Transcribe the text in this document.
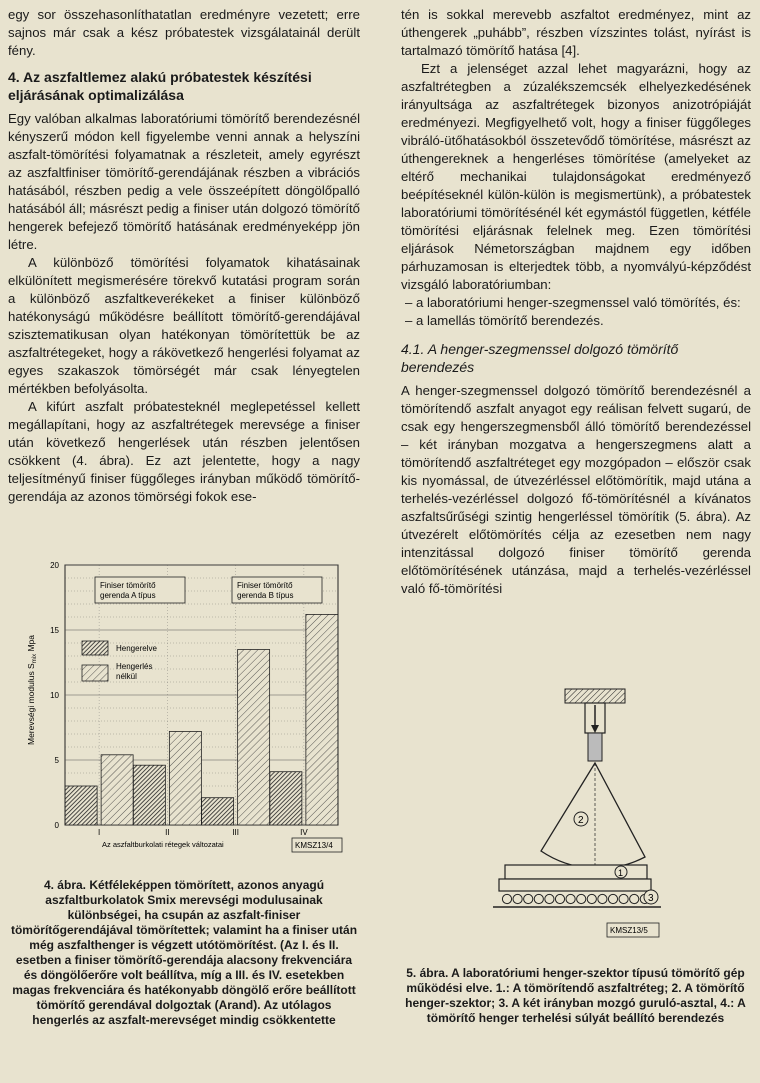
egy sor összehasonlíthatatlan eredményre vezetett; erre sajnos már csak a kész próbatestek vizsgálatainál derült fény.

4. Az aszfaltlemez alakú próbatestek készítési eljárásának optimalizálása

Egy valóban alkalmas laboratóriumi tömörítő berendezésnél kényszerű módon kell figyelembe venni annak a helyszíni aszfalt-tömörítési folyamatnak a részleteit, amely egyrészt az aszfaltfiniser tömörítő-gerendájának részben a vibrációs hatásából, részben pedig a vele összeépített döngölőpalló hatásából áll; másrészt pedig a finiser után dolgozó tömörítő hengerek befejező tömörítő hatásának eredményeképp jön létre.

A különböző tömörítési folyamatok kihatásainak elkülönített megismerésére törekvő kutatási program során a különböző aszfaltkeverékeket a finiser különböző hatékonyságú működésre beállított tömörítő-gerendájával szisztematikusan olyan hatékonyan tömörítettük be az aszfaltrétegeket, hogy a rákövetkező hengerlési folyamat az egyes szakaszok tömörségét már csak lényegtelen mértékben befolyásolta.

A kifúrt aszfalt próbatesteknél meglepetéssel kellett megállapítani, hogy az aszfaltrétegek merevsége a finiser után következő hengerlések után részben jelentősen csökkent (4. ábra). Ez azt jelentette, hogy a nagy teljesítményű finiser függőleges irányban működő tömörítő-gerendája az azonos tömörségi fokok ese-

tén is sokkal merevebb aszfaltot eredményez, mint az úthengerek „puhább”, részben vízszintes tolást, nyírást is tartalmazó tömörítő hatása [4].

Ezt a jelenséget azzal lehet magyarázni, hogy az aszfaltrétegben a zúzalékszemcsék elhelyezkedésének irányultsága az aszfaltrétegek bizonyos anizotrópiáját eredményezi. Megfigyelhető volt, hogy a finiser függőleges vibráló-ütőhatásokból összetevődő tömörítése, másrészt az úthengereknek a hengerléses tömörítése (amelyeket az eltérő mechanikai tulajdonságokat eredményező beépítéseknél külön-külön is megismertünk), a próbatestek laboratóriumi tömörítésénél két egymástól független, kétféle tömörítési eljárásnak felelnek meg. Ezen tömörítési eljárások Németországban majdnem egy időben párhuzamosan is elterjedtek több, a nyomvályú-képződést vizsgáló laboratóriumban:

– a laboratóriumi henger-szegmenssel való tömörítés, és:

– a lamellás tömörítő berendezés.

4.1. A henger-szegmenssel dolgozó tömörítő berendezés

A henger-szegmenssel dolgozó tömörítő berendezésnél a tömörítendő aszfalt anyagot egy reálisan felvett sugarú, de csak egy hengerszegmensből álló tömörítő berendezéssel – két irányban mozgatva a hengerszegmens alatt a tömörítendő aszfaltréteget egy mozgópadon – először csak kis nyomással, de útvezérléssel előtömörítik, majd utána a terhelés-vezérléssel dolgozó fő-tömörítésnél a kívánatos aszfaltsűrűségi szintig hengerléssel tömörítik (5. ábra). Az útvezérelt előtömörítés célja az ezesetben nem nagy intenzitással dolgozó finiser tömörítő gerenda előtömörítésének utánzása, majd a terhelés-vezérléssel való fő-tömörítési

0
5
10
15
20
I	II	III	IV
Finiser tömörítő gerenda A típus
Finiser tömörítő gerenda B típus
Hengerelve
Hengerlés nélkül
Merevségi modulus $S_{mix}$ Mpa
Az aszfaltburkolati rétegek változatai	KMSZ13/4
4. ábra. Kétféleképpen tömörített, azonos anyagú aszfaltburkolatok Smix merevségi modulusainak különbségei, ha csupán az aszfalt-finiser tömörítőgerendájával tömörítettek; valamint ha a finiser után még aszfalthenger is végzett utótömörítést. (Az I. és II. esetben a finiser tömörítő-gerendája alacsony frekvenciára és döngölőerőre volt beállítva, míg a III. és IV. esetekben magas frekvenciára és hatékonyabb döngölő erőre beállított tömörítő gerendával dolgoztak (Arand). Az utólagos hengerlés az aszfalt-merevséget mindig csökkentette
2
1
3
KMSZ13/5
5. ábra. A laboratóriumi henger-szektor típusú tömörítő gép működési elve. 1.: A tömörítendő aszfaltréteg; 2. A tömörítő henger-szektor; 3. A két irányban mozgó guruló-asztal, 4.: A tömörítő henger terhelési súlyát beállító berendezés
